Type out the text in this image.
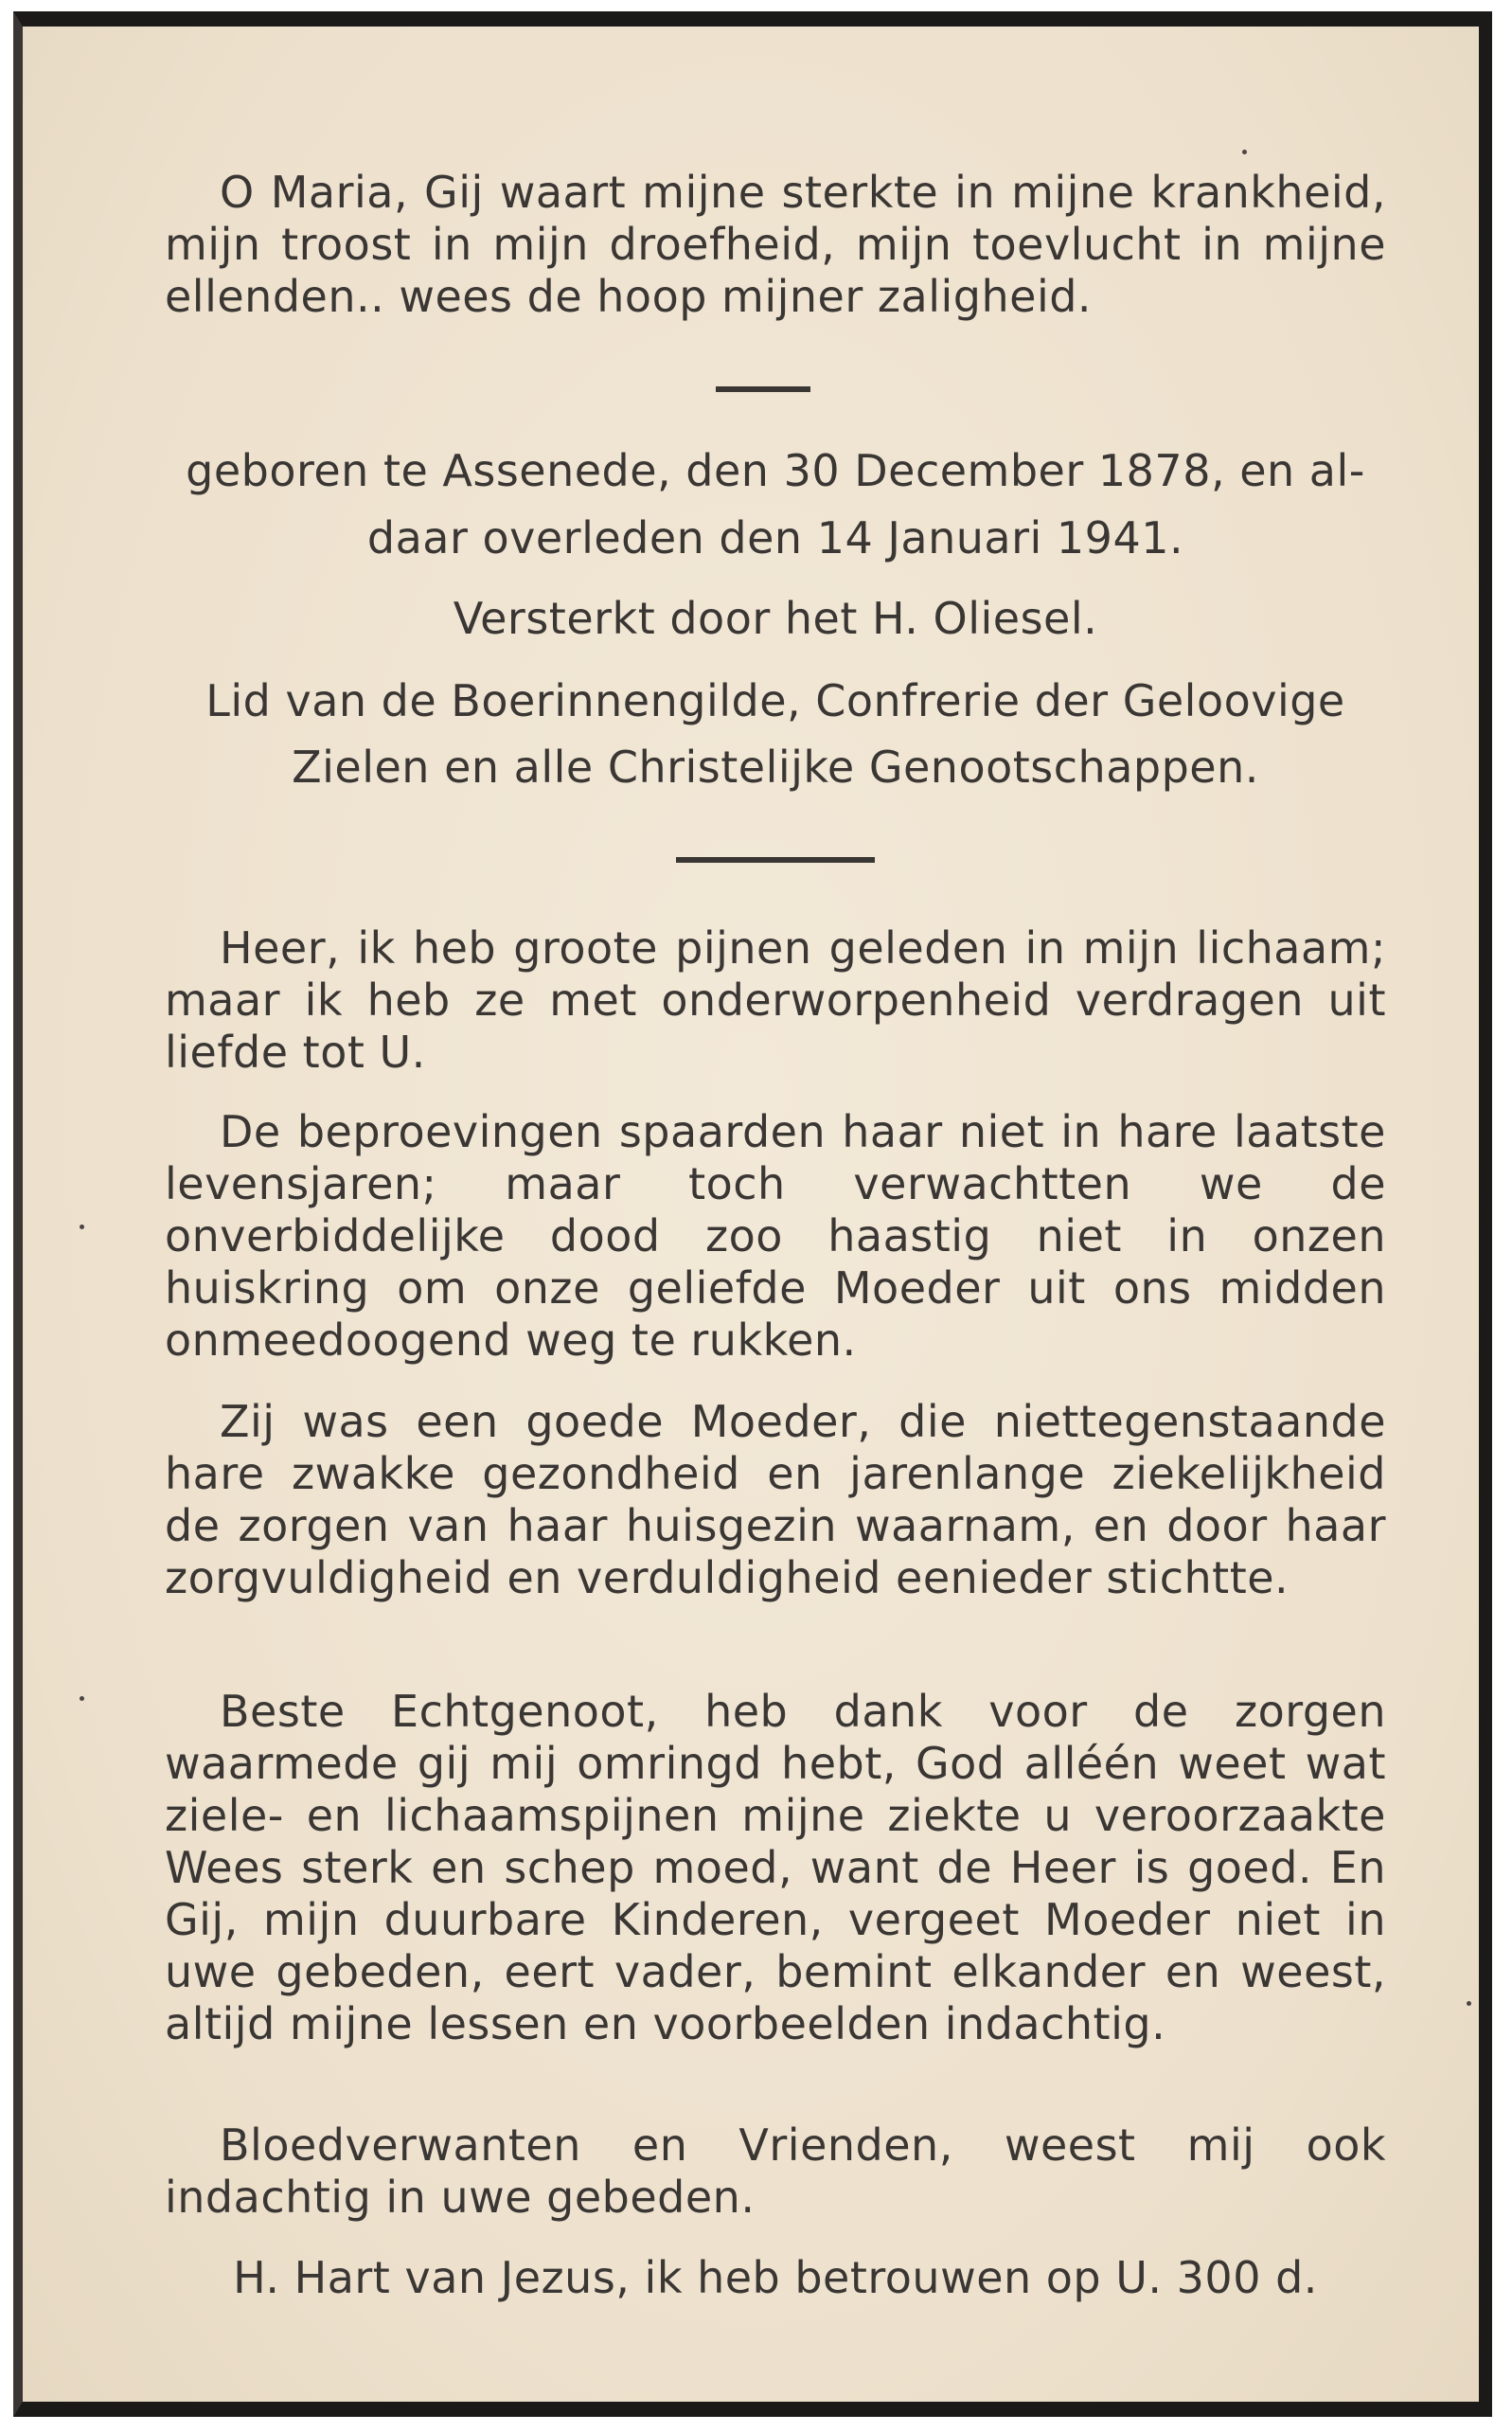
O Maria, Gij waart mijne sterkte in mijne krankheid, mijn troost in mijn droefheid, mijn toevlucht in mijne ellenden.. wees de hoop mijner zaligheid.
geboren te Assenede, den 30 December 1878, en al-
daar overleden den 14 Januari 1941.
Versterkt door het H. Oliesel.
Lid van de Boerinnengilde, Confrerie der Geloovige
Zielen en alle Christelijke Genootschappen.
Heer, ik heb groote pijnen geleden in mijn lichaam; maar ik heb ze met onderworpenheid verdragen uit liefde tot U.
De beproevingen spaarden haar niet in hare laatste levensjaren; maar toch verwachtten we de onverbiddelijke dood zoo haastig niet in onzen huiskring om onze geliefde Moeder uit ons midden onmeedoogend weg te rukken.
Zij was een goede Moeder, die niettegenstaande hare zwakke gezondheid en jarenlange ziekelijkheid de zorgen van haar huisgezin waarnam, en door haar zorgvuldigheid en verduldigheid eenieder stichtte.
Beste Echtgenoot, heb dank voor de zorgen waarmede gij mij omringd hebt, God alléén weet wat ziele- en lichaamspijnen mijne ziekte u veroorzaakte Wees sterk en schep moed, want de Heer is goed. En Gij, mijn duurbare Kinderen, vergeet Moeder niet in uwe gebeden, eert vader, bemint elkander en weest, altijd mijne lessen en voorbeelden indachtig.
Bloedverwanten en Vrienden, weest mij ook indachtig in uwe gebeden.
H. Hart van Jezus, ik heb betrouwen op U. 300 d.
